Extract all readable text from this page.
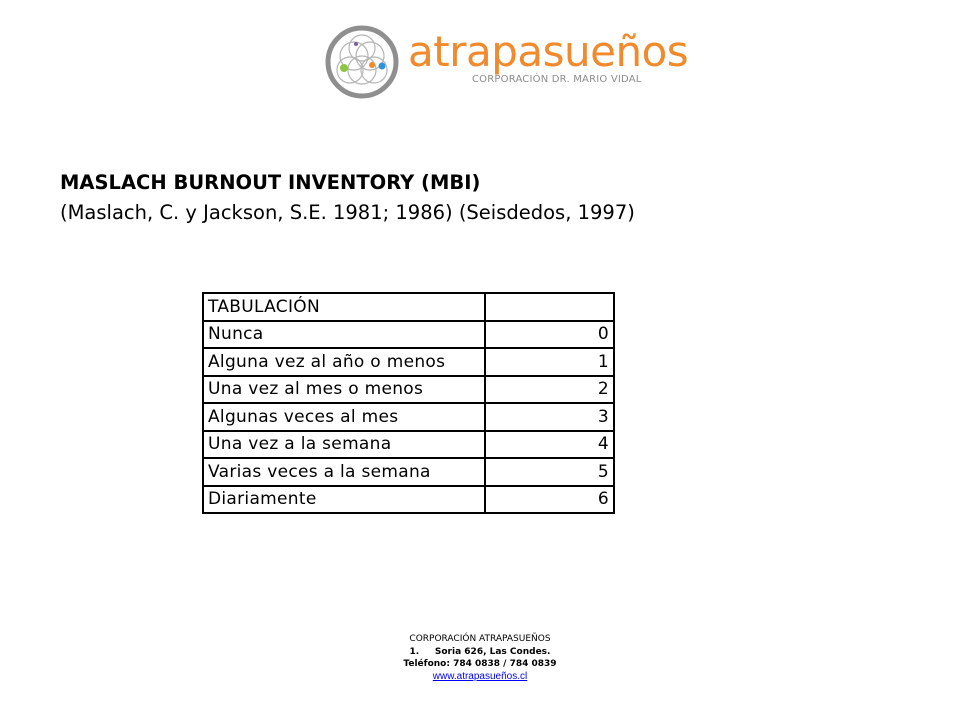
atrapasueños
CORPORACIÓN DR. MARIO VIDAL
MASLACH BURNOUT INVENTORY (MBI)
(Maslach, C. y Jackson, S.E. 1981; 1986) (Seisdedos, 1997)
TABULACIÓN	
Nunca	0
Alguna vez al año o menos	1
Una vez al mes o menos	2
Algunas veces al mes	3
Una vez a la semana	4
Varias veces a la semana	5
Diariamente	6
CORPORACIÓN ATRAPASUEÑOS
1.     Soria 626, Las Condes.
Teléfono: 784 0838 / 784 0839
www.atrapasueños.cl
